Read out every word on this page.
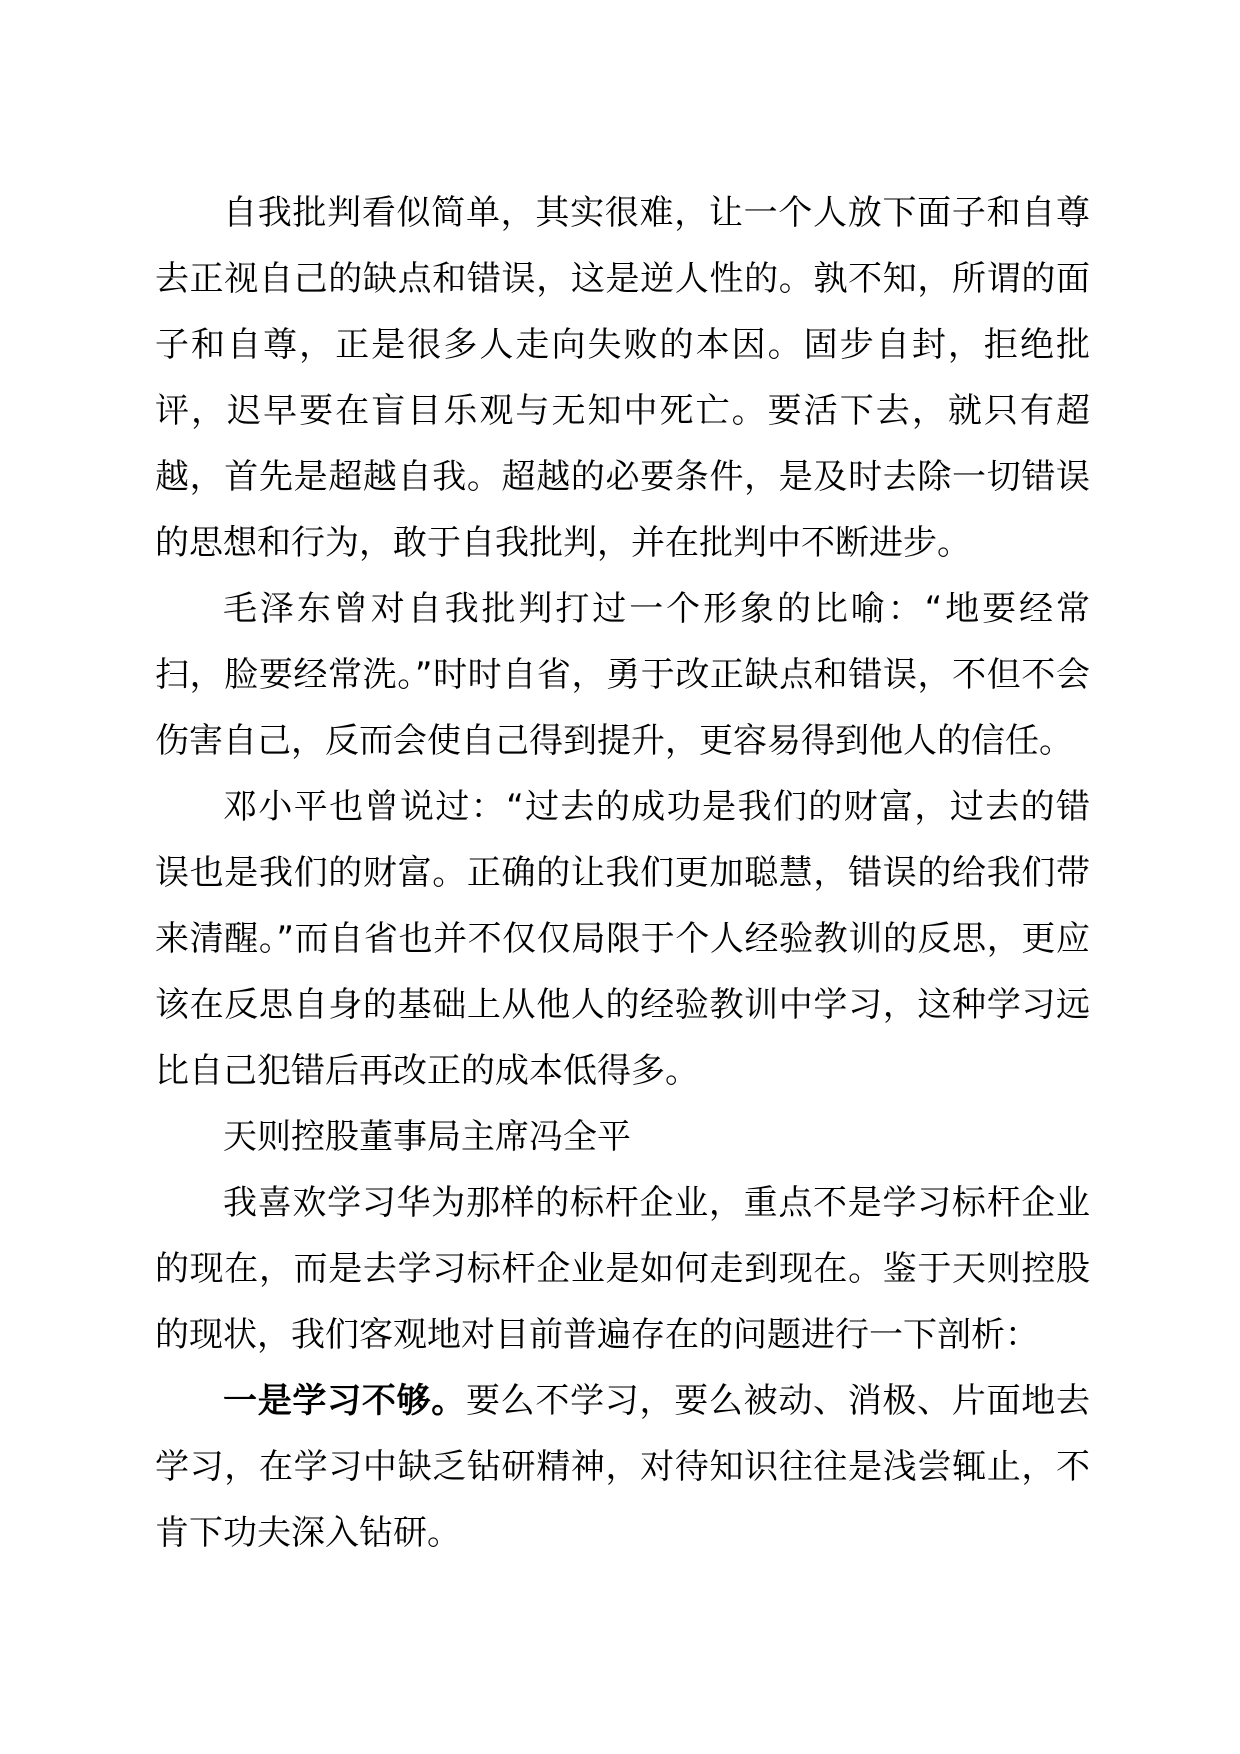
自我批判看似简单，其实很难，让一个人放下面子和自尊去正视自己的缺点和错误，这是逆人性的。孰不知，所谓的面子和自尊，正是很多人走向失败的本因。固步自封，拒绝批评，迟早要在盲目乐观与无知中死亡。要活下去，就只有超越，首先是超越自我。超越的必要条件，是及时去除一切错误的思想和行为，敢于自我批判，并在批判中不断进步。

毛泽东曾对自我批判打过一个形象的比喻：“地要经常扫，脸要经常洗。”时时自省，勇于改正缺点和错误，不但不会伤害自己，反而会使自己得到提升，更容易得到他人的信任。

邓小平也曾说过：“过去的成功是我们的财富，过去的错误也是我们的财富。正确的让我们更加聪慧，错误的给我们带来清醒。”而自省也并不仅仅局限于个人经验教训的反思，更应该在反思自身的基础上从他人的经验教训中学习，这种学习远比自己犯错后再改正的成本低得多。

天则控股董事局主席冯全平

我喜欢学习华为那样的标杆企业，重点不是学习标杆企业的现在，而是去学习标杆企业是如何走到现在。鉴于天则控股的现状，我们客观地对目前普遍存在的问题进行一下剖析：

一是学习不够。要么不学习，要么被动、消极、片面地去学习，在学习中缺乏钻研精神，对待知识往往是浅尝辄止，不肯下功夫深入钻研。
